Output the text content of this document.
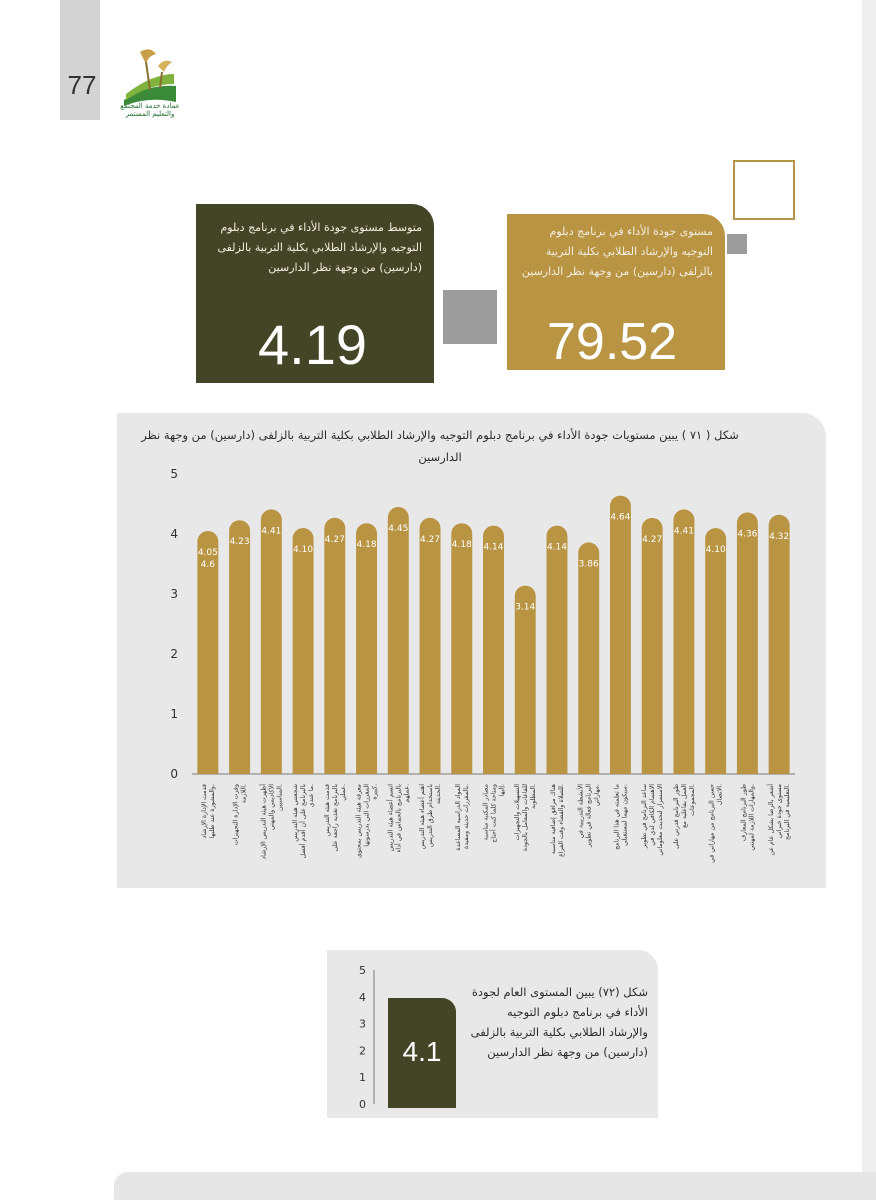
77
عمادة خدمة المجتمع والتعليم المستمر
مستوى جودة الأداء في برنامج دبلوم التوجيه والإرشاد الطلابي بكلية التربية بالزلفى (دارسين) من وجهة نظر الدارسين
79.52
متوسط مستوى جودة الأداء في برنامج دبلوم التوجيه والإرشاد الطلابي بكلية التربية بالزلفى (دارسين) من وجهة نظر الدارسين
4.19
شكل ( ٧١ ) يبين مستويات جودة الأداء في برنامج دبلوم التوجيه والإرشاد الطلابي بكلية التربية بالزلفى (دارسين) من وجهة نظر الدارسين
0
1
2
3
4
5
4.05
قدمت الإدارة الإرشادوالمشورة عند طلبها.
4.23
وفرت الإدارة التجهيزاتاللازمة.
4.41
أظهرت هيئة التدريس الإرشادالأكاديمي والمهنيالمناسبين.
4.10
شجعتني هيئة التدريسبالبرنامج على أن أقدم أفضلما عندي.
4.27
قدمت هيئة التدريسبالبرنامج تغذية راجعة علىعملي.
4.18
معرفة هيئة التدريس بمحتوىالمقررات التي يدرسونهاكبيرة.
4.45
اتسم أعضاء هيئة التدريسبالبرنامج بالحماس في أداءعملهم.
4.27
اهتم أعضاء هيئة التدريسباستخدام طرق التدريسالحديثة.
4.18
المواد الدراسية المساعدةبالمقررات حديثة ومفيدة.
4.14
مصادر المكتبة مناسبةومتاحة كلما كنت أحتاجإليها.
3.14
التسهيلات والتجهيزاتللقاعات والمعامل بالجودةالمطلوبة.
4.14
هناك مرافق إضافية مناسبةللصلاة والقضاء وقت الفراغ.
3.86
الأنشطة التدريبية فيالبرنامج فعالة في تطويرمهاراتي.
4.64
ما تعلمته في هذا البرنامجسيكون مهما لمستقبلي.
4.27
ساعد البرنامج في تطويرالاهتمام الكافي لدي فيالاستمرار لتحديث معلوماتي
4.41
طور البرنامج قدرتي علىالعمل بفاعلية معالمجموعات.
4.10
حسن البرنامج من مهاراتي فيالاتصال.
4.36
طور البرنامج المعارفوالمهارات اللازمة لمهنتي.
4.32
أشعر بالرضا بشكل عام عنمستوى جودة خبراتيالتعليمية في البرنامج.
4.6
0
1
2
3
4
5
4.1
شكل (٧٢) يبين المستوى العام لجودة الأداء في برنامج دبلوم التوجيه والإرشاد الطلابي بكلية التربية بالزلفى (دارسين) من وجهة نظر الدارسين
